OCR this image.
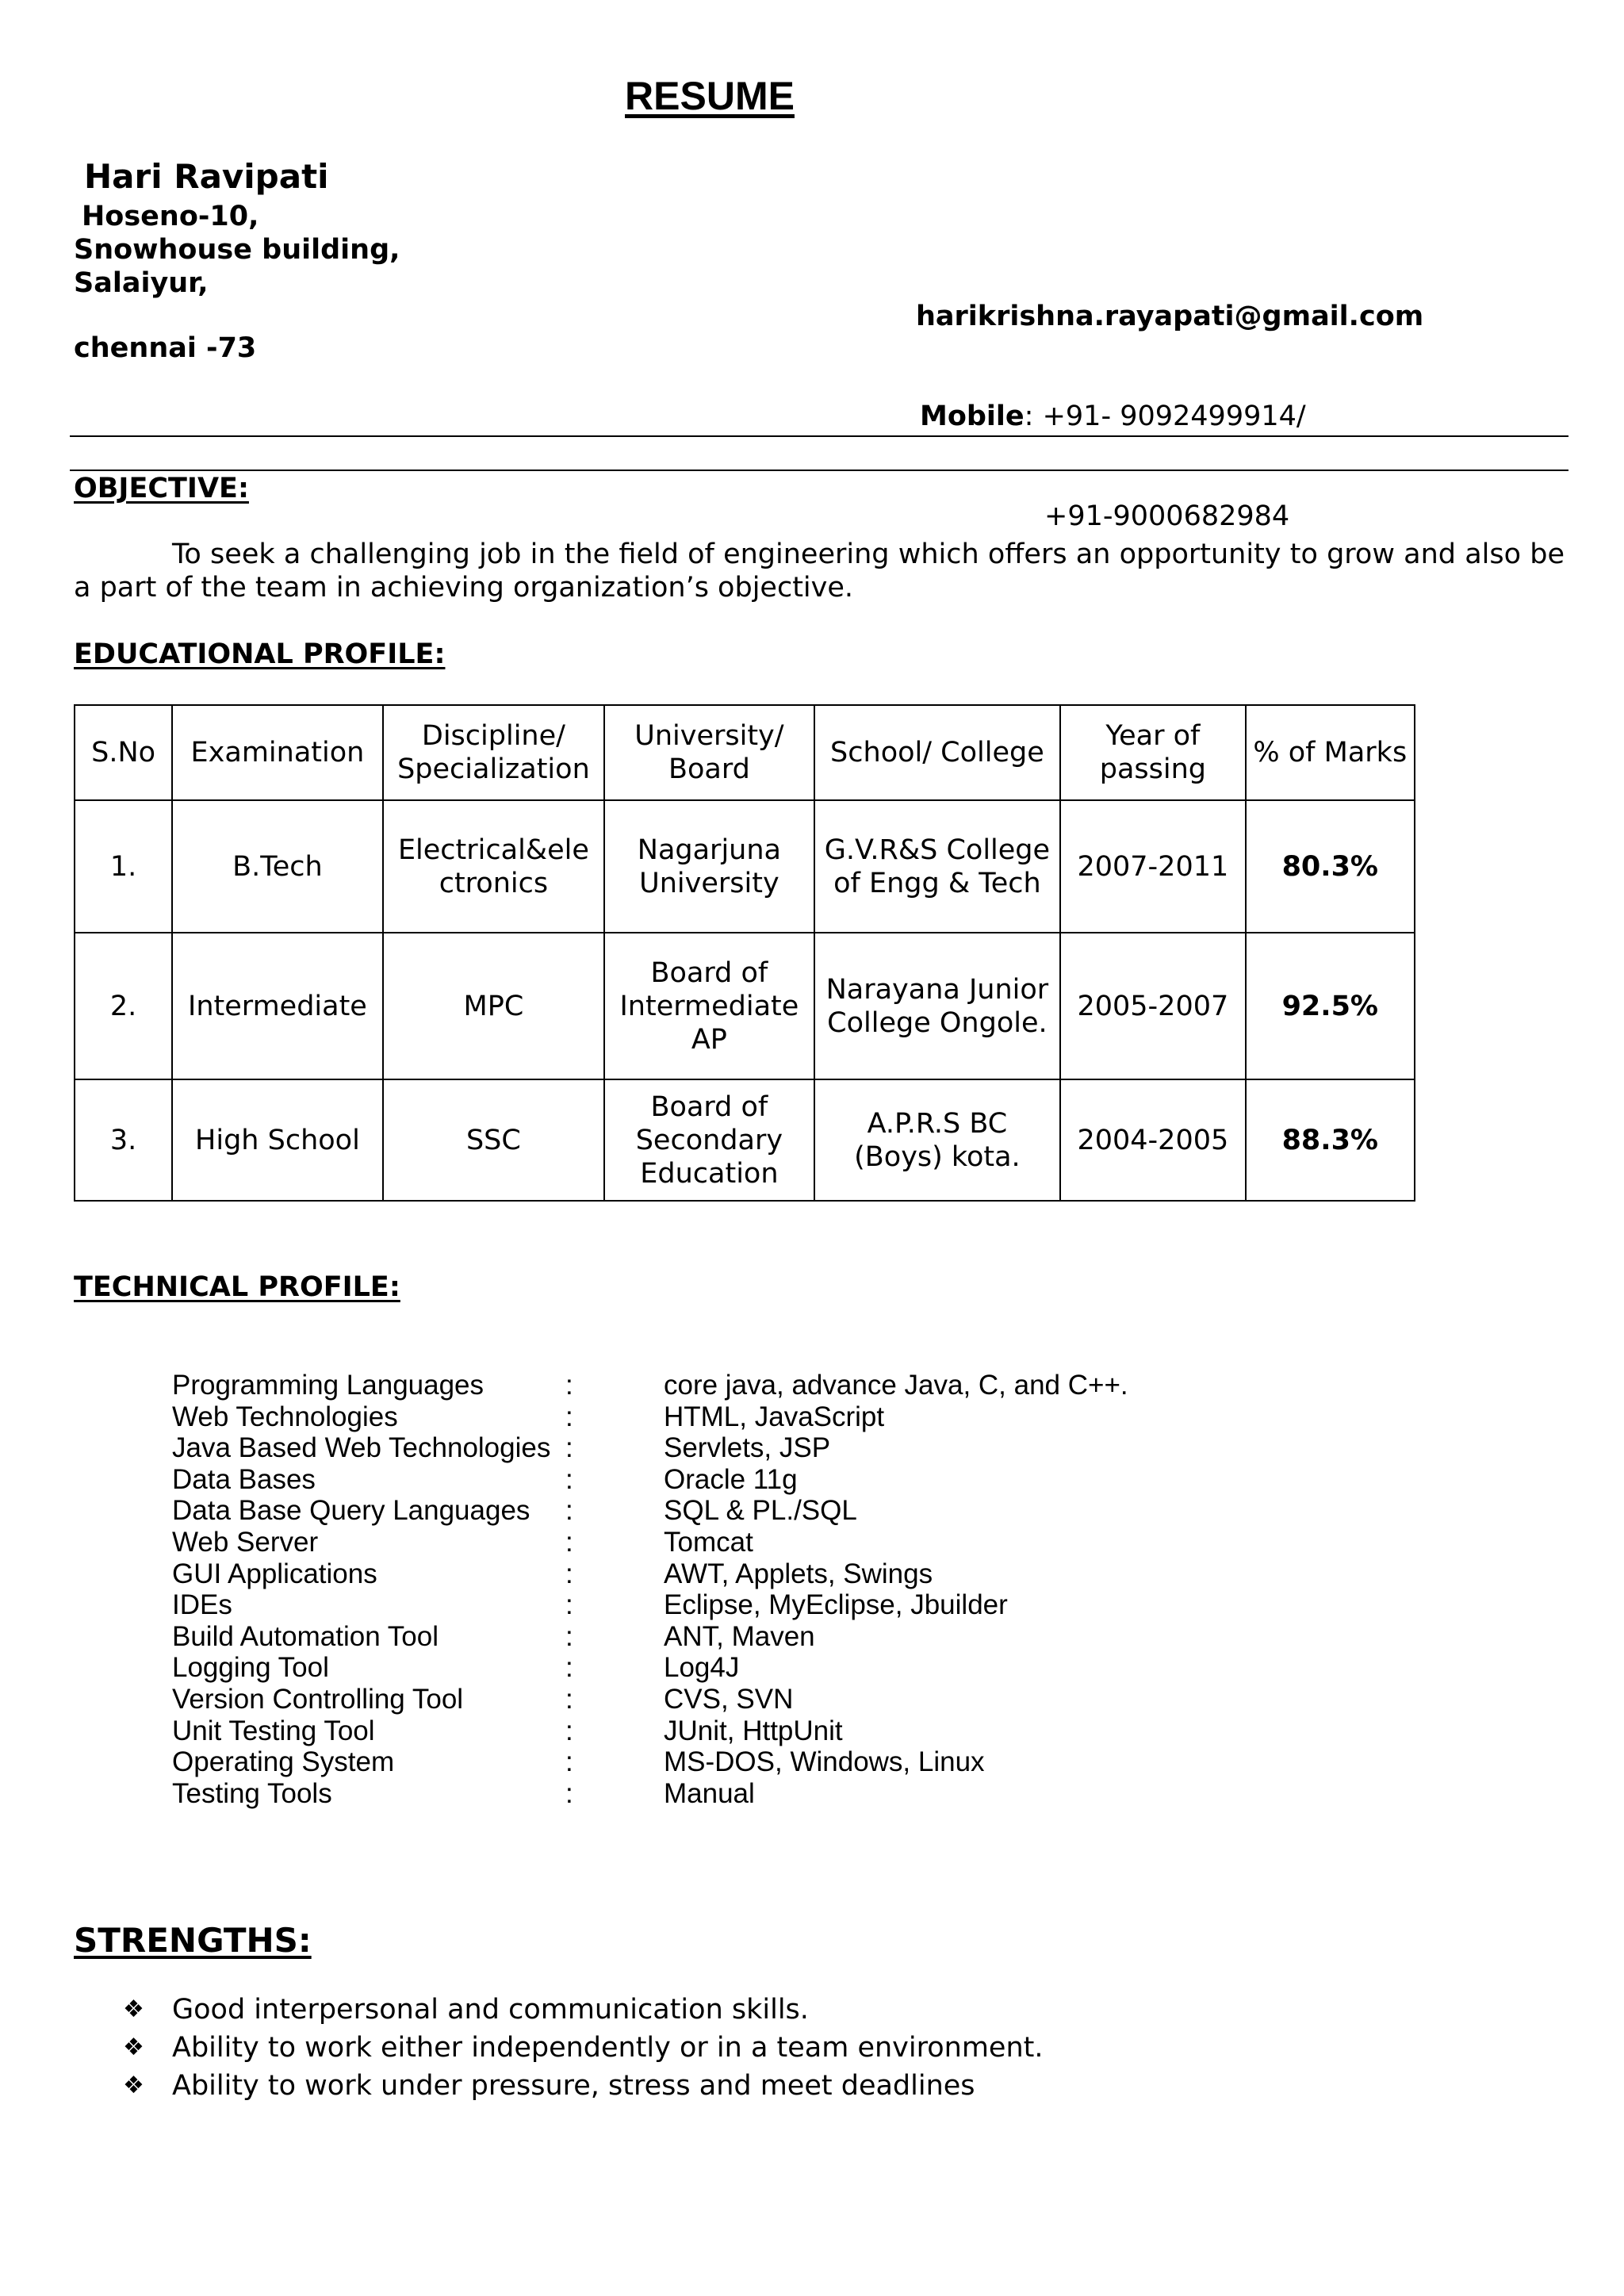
RESUME
Hari Ravipati
Hoseno-10,
Snowhouse building,
Salaiyur,
chennai -73

harikrishna.rayapati@gmail.com

Mobile: +91- 9092499914/

+91-9000682984

OBJECTIVE:
To seek a challenging job in the field of engineering which offers an opportunity to grow and also be a part of the team in achieving organization’s objective.
EDUCATIONAL PROFILE:
S.No	Examination	Discipline/ Specialization	University/ Board	School/ College	Year of passing	% of Marks
1.	B.Tech	Electrical&ele ctronics	Nagarjuna University	G.V.R&S College of Engg & Tech	2007-2011	80.3%
2.	Intermediate	MPC	Board of Intermediate AP	Narayana Junior College Ongole.	2005-2007	92.5%
3.	High School	SSC	Board of Secondary Education	A.P.R.S BC (Boys) kota.	2004-2005	88.3%
TECHNICAL PROFILE:
Programming Languages	:	core java, advance Java, C, and C++.
Web Technologies	:	HTML, JavaScript
Java Based Web Technologies :	Servlets, JSP
Data Bases	:	Oracle 11g
Data Base Query Languages	:	SQL & PL./SQL
Web Server	:	Tomcat
GUI Applications	:	AWT, Applets, Swings
IDEs	:	Eclipse, MyEclipse, Jbuilder
Build Automation Tool	:	ANT, Maven
Logging Tool	:	Log4J
Version Controlling Tool	:	CVS, SVN
Unit Testing Tool	:	JUnit, HttpUnit
Operating System	:	MS-DOS, Windows, Linux
Testing Tools	:	Manual
STRENGTHS:
❖	Good interpersonal and communication skills.
❖	Ability to work either independently or in a team environment.
❖	Ability to work under pressure, stress and meet deadlines
